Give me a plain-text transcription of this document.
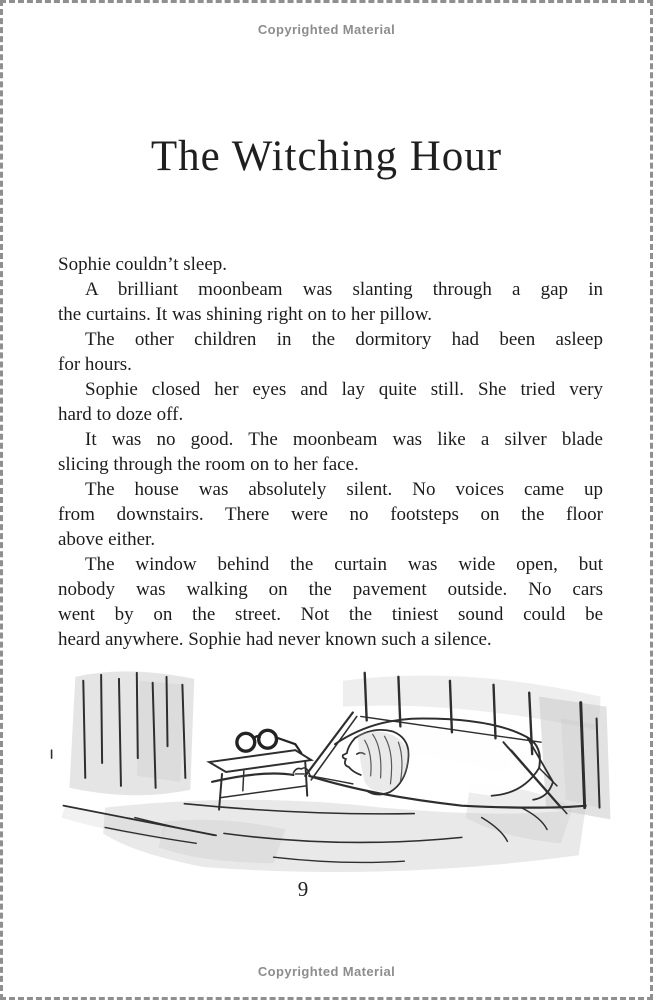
Copyrighted Material
The Witching Hour
Sophie couldn’t sleep.
A brilliant moonbeam was slanting through a gap in
the curtains. It was shining right on to her pillow.
The other children in the dormitory had been asleep
for hours.
Sophie closed her eyes and lay quite still. She tried very
hard to doze off.
It was no good. The moonbeam was like a silver blade
slicing through the room on to her face.
The house was absolutely silent. No voices came up
from downstairs. There were no footsteps on the floor
above either.
The window behind the curtain was wide open, but
nobody was walking on the pavement outside. No cars
went by on the street. Not the tiniest sound could be
heard anywhere. Sophie had never known such a silence.
9
Copyrighted Material
